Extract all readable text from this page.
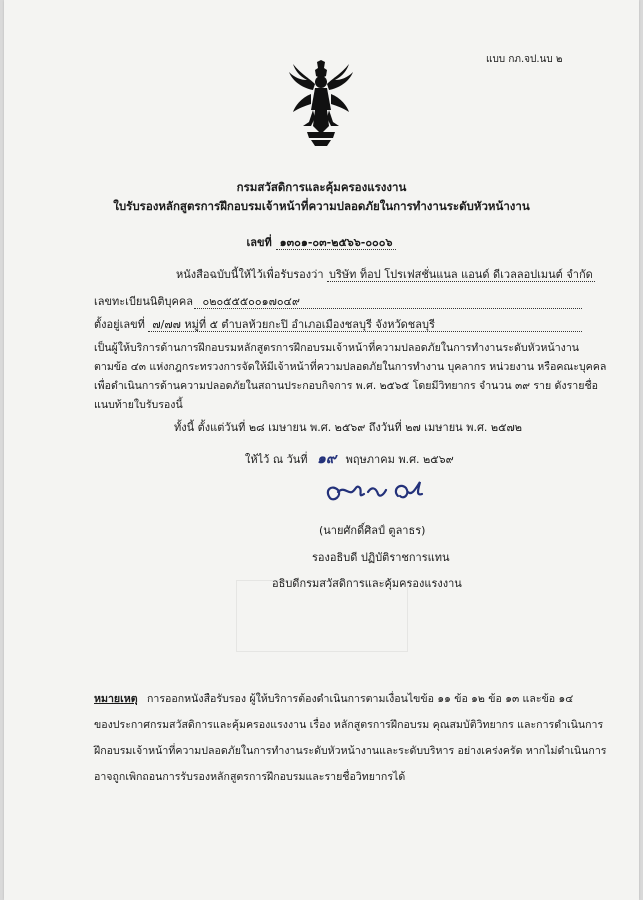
แบบ กภ.จป.นบ ๒
กรมสวัสดิการและคุ้มครองแรงงาน
ใบรับรองหลักสูตรการฝึกอบรมเจ้าหน้าที่ความปลอดภัยในการทำงานระดับหัวหน้างาน
เลขที่ ๑๓๐๑-๐๓-๒๕๖๖-๐๐๐๖
หนังสือฉบับนี้ให้ไว้เพื่อรับรองว่า บริษัท ท็อป โปรเฟสชั่นแนล แอนด์ ดีเวลลอปเมนต์ จำกัด
เลขทะเบียนนิติบุคคล ๐๒๐๕๕๕๐๐๑๗๐๔๙
ตั้งอยู่เลขที่ ๗/๗๗ หมู่ที่ ๕ ตำบลห้วยกะปิ อำเภอเมืองชลบุรี จังหวัดชลบุรี
เป็นผู้ให้บริการด้านการฝึกอบรมหลักสูตรการฝึกอบรมเจ้าหน้าที่ความปลอดภัยในการทำงานระดับหัวหน้างาน
ตามข้อ ๔๓ แห่งกฎกระทรวงการจัดให้มีเจ้าหน้าที่ความปลอดภัยในการทำงาน บุคลากร หน่วยงาน หรือคณะบุคคล
เพื่อดำเนินการด้านความปลอดภัยในสถานประกอบกิจการ พ.ศ. ๒๕๖๕ โดยมีวิทยากร จำนวน ๓๙ ราย ดังรายชื่อ
แนบท้ายใบรับรองนี้
ทั้งนี้ ตั้งแต่วันที่ ๒๘ เมษายน พ.ศ. ๒๕๖๙ ถึงวันที่ ๒๗ เมษายน พ.ศ. ๒๕๗๒
ให้ไว้ ณ วันที่ ๑๙ พฤษภาคม พ.ศ. ๒๕๖๙
(นายศักดิ์ศิลป์ ตูลาธร)
รองอธิบดี ปฏิบัติราชการแทน
อธิบดีกรมสวัสดิการและคุ้มครองแรงงาน
หมายเหตุ การออกหนังสือรับรอง ผู้ให้บริการต้องดำเนินการตามเงื่อนไขข้อ ๑๑ ข้อ ๑๒ ข้อ ๑๓ และข้อ ๑๔
ของประกาศกรมสวัสดิการและคุ้มครองแรงงาน เรื่อง หลักสูตรการฝึกอบรม คุณสมบัติวิทยากร และการดำเนินการ
ฝึกอบรมเจ้าหน้าที่ความปลอดภัยในการทำงานระดับหัวหน้างานและระดับบริหาร อย่างเคร่งครัด หากไม่ดำเนินการ
อาจถูกเพิกถอนการรับรองหลักสูตรการฝึกอบรมและรายชื่อวิทยากรได้
